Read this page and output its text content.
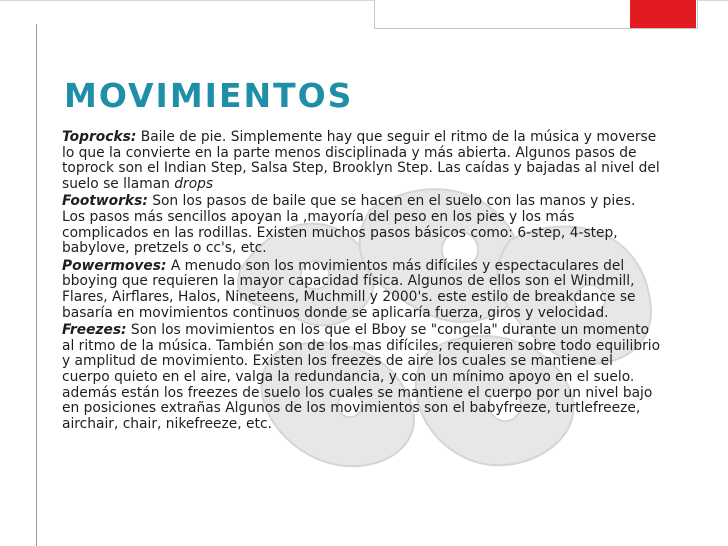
MOVIMIENTOS

Toprocks: Baile de pie. Simplemente hay que seguir el ritmo de la música y moverse lo que la convierte en la parte menos disciplinada y más abierta. Algunos pasos de toprock son el Indian Step, Salsa Step, Brooklyn Step. Las caídas y bajadas al nivel del suelo se llaman drops

Footworks: Son los pasos de baile que se hacen en el suelo con las manos y pies. Los pasos más sencillos apoyan la ,mayoría del peso en los pies y los más complicados en las rodillas. Existen muchos pasos básicos como: 6-step, 4-step, babylove, pretzels o cc's, etc.

Powermoves: A menudo son los movimientos más difíciles y espectaculares del bboying que requieren la mayor capacidad física. Algunos de ellos son el Windmill, Flares, Airflares, Halos, Nineteens, Muchmill y 2000's. este estilo de breakdance se basaría en movimientos continuos donde se aplicaría fuerza, giros y velocidad.

Freezes: Son los movimientos en los que el Bboy se "congela" durante un momento al ritmo de la música. También son de los mas difíciles, requieren sobre todo equilibrio y amplitud de movimiento. Existen los freezes de aire los cuales se mantiene el cuerpo quieto en el aire, valga la redundancia, y con un mínimo apoyo en el suelo. además están los freezes de suelo los cuales se mantiene el cuerpo por un nivel bajo en posiciones extrañas Algunos de los movimientos son el babyfreeze, turtlefreeze, airchair, chair, nikefreeze, etc.
